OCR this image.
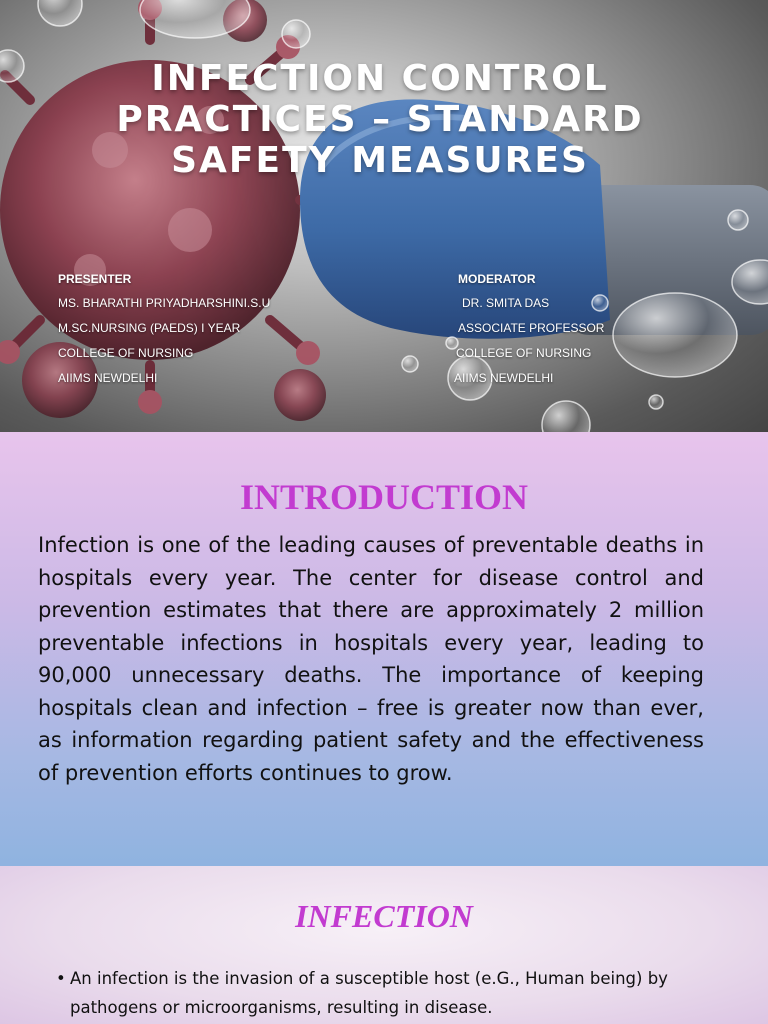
INFECTION CONTROL PRACTICES – STANDARD SAFETY MEASURES
PRESENTER
MS. BHARATHI PRIYADHARSHINI.S.U
M.SC.NURSING (PAEDS) I YEAR
COLLEGE OF NURSING
AIIMS NEWDELHI
MODERATOR
DR. SMITA DAS
ASSOCIATE PROFESSOR
COLLEGE OF NURSING
AIIMS NEWDELHI
INTRODUCTION

Infection is one of the leading causes of preventable deaths in hospitals every year. The center for disease control and prevention estimates that there are approximately 2 million preventable infections in hospitals every year, leading to 90,000 unnecessary deaths. The importance of keeping hospitals clean and infection – free is greater now than ever, as information regarding patient safety and the effectiveness of prevention efforts continues to grow.

INFECTION
• An infection is the invasion of a susceptible host (e.G., Human being) by pathogens or microorganisms, resulting in disease.
